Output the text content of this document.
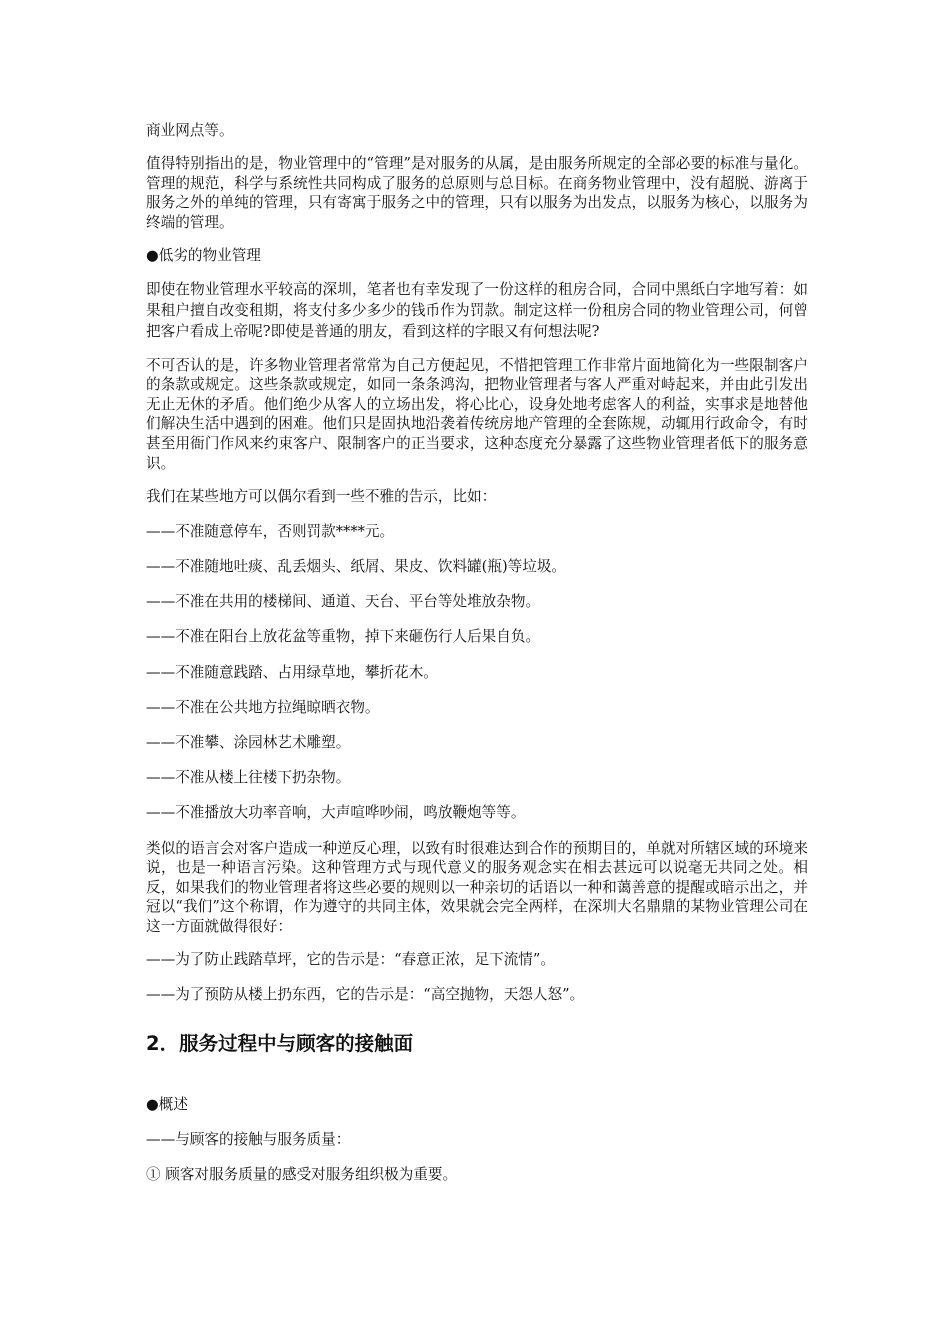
商业网点等。

值得特别指出的是，物业管理中的“管理”是对服务的从属，是由服务所规定的全部必要的标准与量化。管理的规范，科学与系统性共同构成了服务的总原则与总目标。在商务物业管理中，没有超脱、游离于服务之外的单纯的管理，只有寄寓于服务之中的管理，只有以服务为出发点，以服务为核心，以服务为终端的管理。

●低劣的物业管理

即使在物业管理水平较高的深圳，笔者也有幸发现了一份这样的租房合同，合同中黑纸白字地写着：如果租户擅自改变租期，将支付多少多少的钱币作为罚款。制定这样一份租房合同的物业管理公司，何曾把客户看成上帝呢?即使是普通的朋友，看到这样的字眼又有何想法呢?

不可否认的是，许多物业管理者常常为自己方便起见，不惜把管理工作非常片面地简化为一些限制客户的条款或规定。这些条款或规定，如同一条条鸿沟，把物业管理者与客人严重对峙起来，并由此引发出无止无休的矛盾。他们绝少从客人的立场出发，将心比心，设身处地考虑客人的利益，实事求是地替他们解决生活中遇到的困难。他们只是固执地沿袭着传统房地产管理的全套陈规，动辄用行政命令，有时甚至用衙门作风来约束客户、限制客户的正当要求，这种态度充分暴露了这些物业管理者低下的服务意识。

我们在某些地方可以偶尔看到一些不雅的告示，比如：

——不准随意停车，否则罚款****元。

——不准随地吐痰、乱丢烟头、纸屑、果皮、饮料罐(瓶)等垃圾。

——不准在共用的楼梯间、通道、天台、平台等处堆放杂物。

——不准在阳台上放花盆等重物，掉下来砸伤行人后果自负。

——不准随意践踏、占用绿草地，攀折花木。

——不准在公共地方拉绳晾晒衣物。

——不准攀、涂园林艺术雕塑。

——不准从楼上往楼下扔杂物。

——不准播放大功率音响，大声喧哗吵闹，鸣放鞭炮等等。

类似的语言会对客户造成一种逆反心理，以致有时很难达到合作的预期目的，单就对所辖区域的环境来说，也是一种语言污染。这种管理方式与现代意义的服务观念实在相去甚远可以说毫无共同之处。相反，如果我们的物业管理者将这些必要的规则以一种亲切的话语以一种和蔼善意的提醒或暗示出之，并冠以“我们”这个称谓，作为遵守的共同主体，效果就会完全两样，在深圳大名鼎鼎的某物业管理公司在这一方面就做得很好：

——为了防止践踏草坪，它的告示是：“春意正浓，足下流情”。

——为了预防从楼上扔东西，它的告示是：“高空抛物，天怨人怒”。

2．服务过程中与顾客的接触面

●概述

——与顾客的接触与服务质量：

① 顾客对服务质量的感受对服务组织极为重要。
